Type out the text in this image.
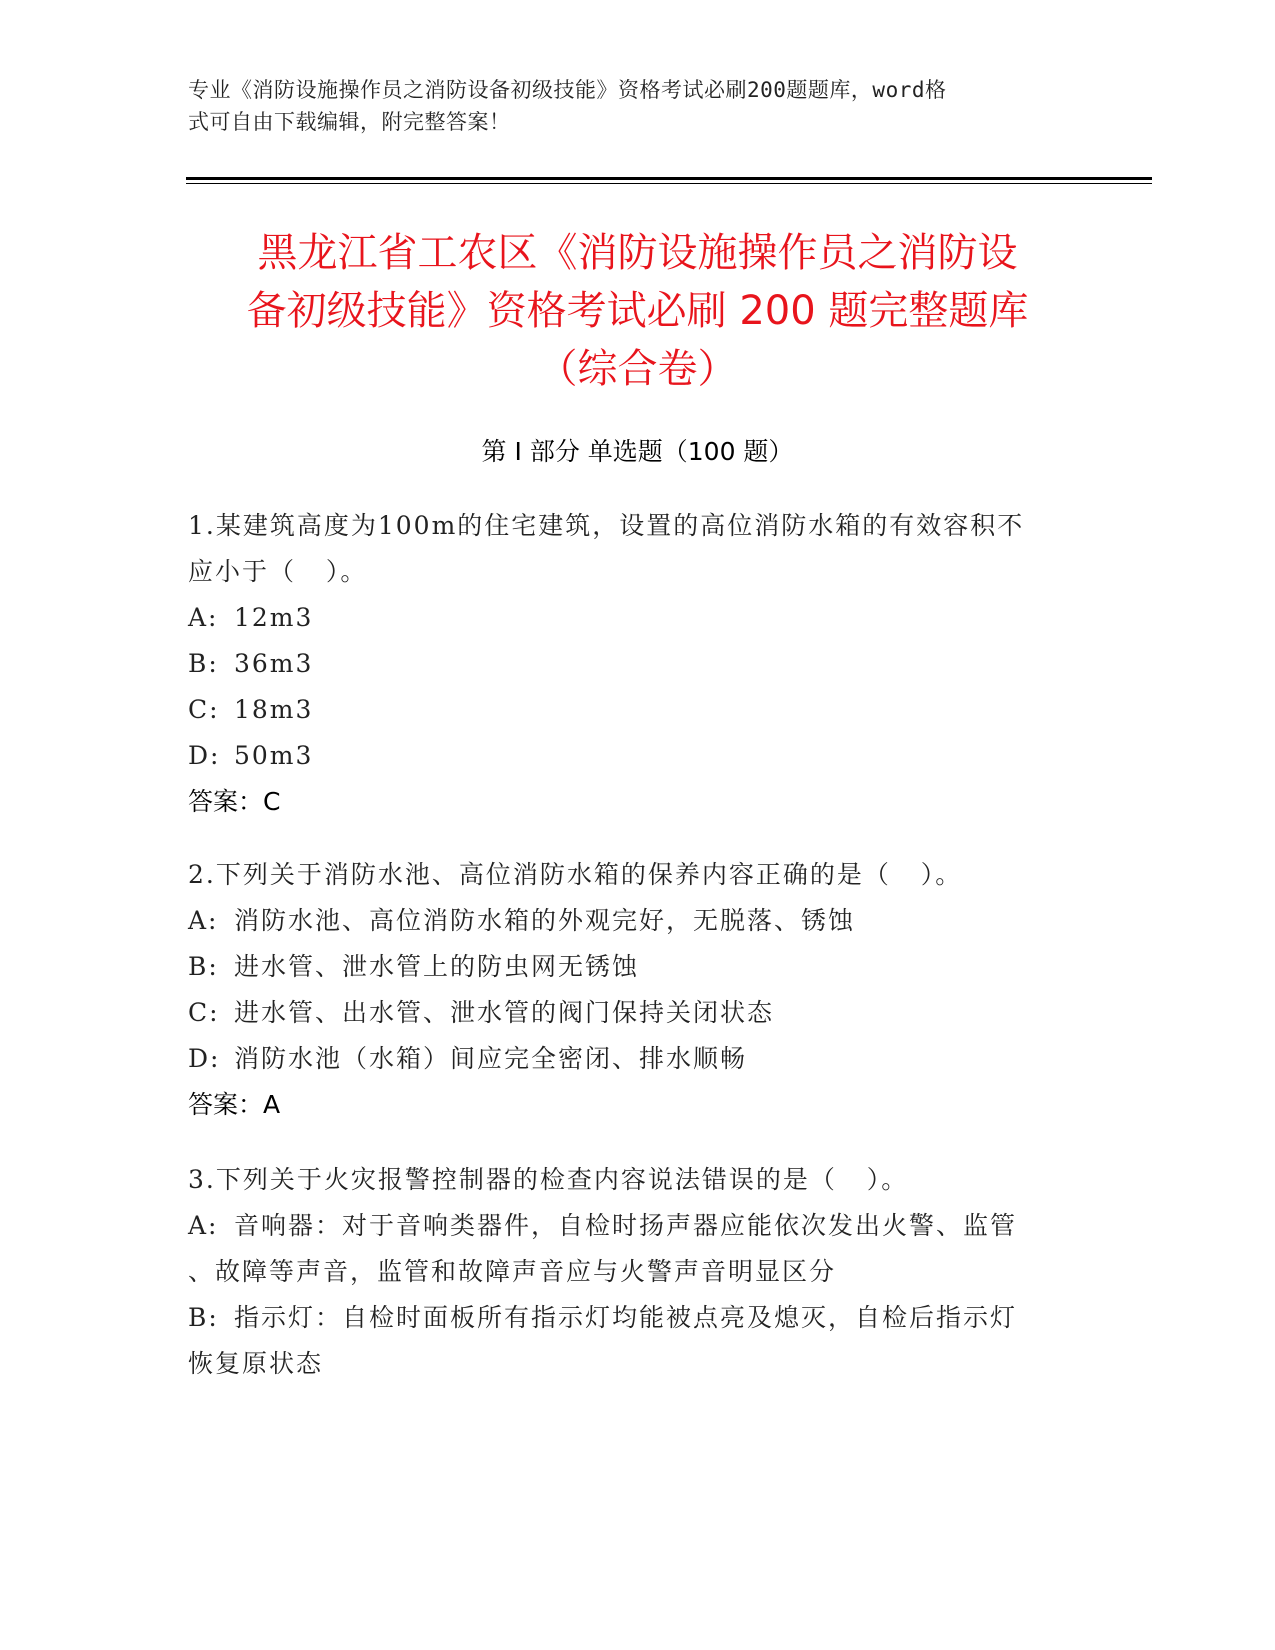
专业《消防设施操作员之消防设备初级技能》资格考试必刷200题题库，word格
式可自由下载编辑，附完整答案！
黑龙江省工农区《消防设施操作员之消防设
备初级技能》资格考试必刷 200 题完整题库
（综合卷）
第 I 部分 单选题（100 题）
1.某建筑高度为100m的住宅建筑，设置的高位消防水箱的有效容积不
应小于（   ）。
A: 12m3
B: 36m3
C: 18m3
D: 50m3
答案：C
2.下列关于消防水池、高位消防水箱的保养内容正确的是（   ）。
A: 消防水池、高位消防水箱的外观完好，无脱落、锈蚀
B: 进水管、泄水管上的防虫网无锈蚀
C: 进水管、出水管、泄水管的阀门保持关闭状态
D: 消防水池（水箱）间应完全密闭、排水顺畅
答案：A
3.下列关于火灾报警控制器的检查内容说法错误的是（   ）。
A: 音响器：对于音响类器件，自检时扬声器应能依次发出火警、监管
、故障等声音，监管和故障声音应与火警声音明显区分
B: 指示灯：自检时面板所有指示灯均能被点亮及熄灭，自检后指示灯
恢复原状态
